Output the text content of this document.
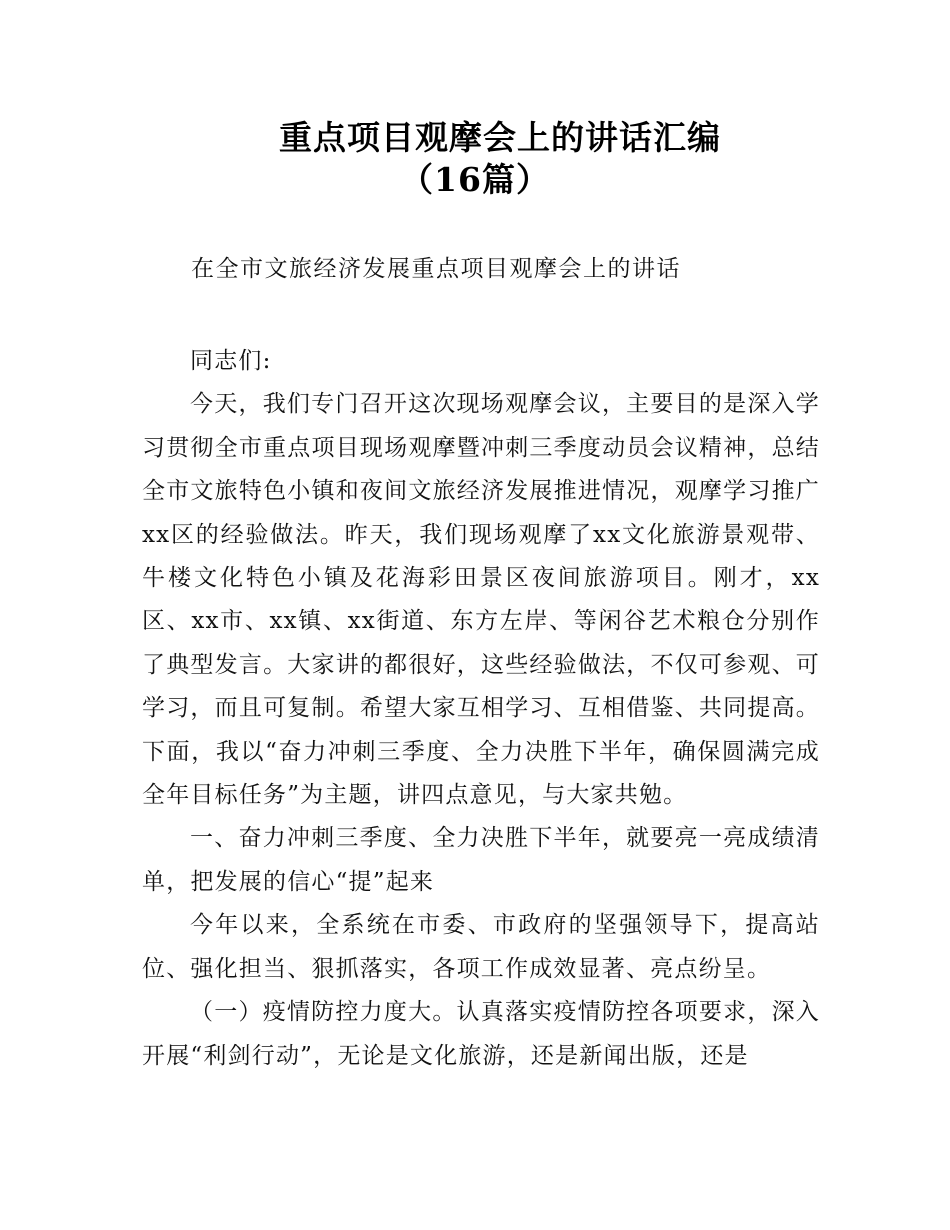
重点项目观摩会上的讲话汇编
（16篇）
在全市文旅经济发展重点项目观摩会上的讲话

同志们:

今天，我们专门召开这次现场观摩会议，主要目的是深入学习贯彻全市重点项目现场观摩暨冲刺三季度动员会议精神，总结全市文旅特色小镇和夜间文旅经济发展推进情况，观摩学习推广xx区的经验做法。昨天，我们现场观摩了xx文化旅游景观带、牛楼文化特色小镇及花海彩田景区夜间旅游项目。刚才，xx区、xx市、xx镇、xx街道、东方左岸、等闲谷艺术粮仓分别作了典型发言。大家讲的都很好，这些经验做法，不仅可参观、可学习，而且可复制。希望大家互相学习、互相借鉴、共同提高。下面，我以“奋力冲刺三季度、全力决胜下半年，确保圆满完成全年目标任务”为主题，讲四点意见，与大家共勉。

一、奋力冲刺三季度、全力决胜下半年，就要亮一亮成绩清单，把发展的信心“提”起来

今年以来，全系统在市委、市政府的坚强领导下，提高站位、强化担当、狠抓落实，各项工作成效显著、亮点纷呈。

（一）疫情防控力度大。认真落实疫情防控各项要求，深入开展“利剑行动”，无论是文化旅游，还是新闻出版，还是
